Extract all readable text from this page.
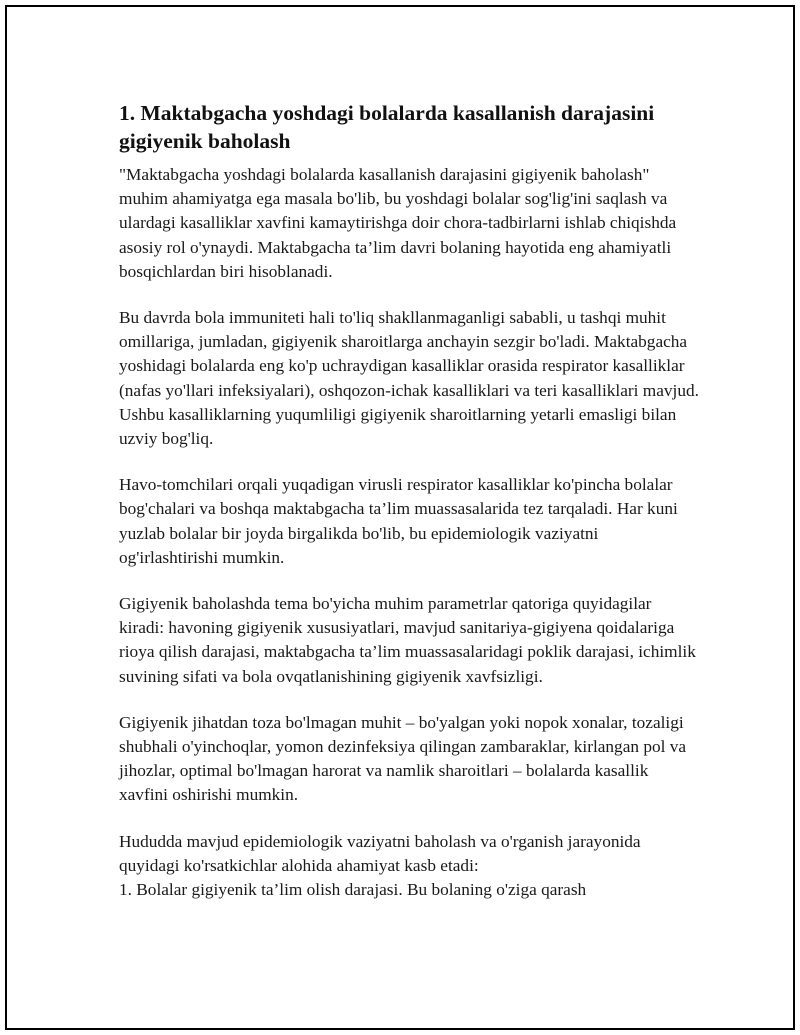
1. Maktabgacha yoshdagi bolalarda kasallanish darajasini gigiyenik baholash

"Maktabgacha yoshdagi bolalarda kasallanish darajasini gigiyenik baholash" muhim ahamiyatga ega masala bo'lib, bu yoshdagi bolalar sog'lig'ini saqlash va ulardagi kasalliklar xavfini kamaytirishga doir chora-tadbirlarni ishlab chiqishda asosiy rol o'ynaydi. Maktabgacha ta’lim davri bolaning hayotida eng ahamiyatli bosqichlardan biri hisoblanadi.

Bu davrda bola immuniteti hali to'liq shakllanmaganligi sababli, u tashqi muhit omillariga, jumladan, gigiyenik sharoitlarga anchayin sezgir bo'ladi. Maktabgacha yoshidagi bolalarda eng ko'p uchraydigan kasalliklar orasida respirator kasalliklar (nafas yo'llari infeksiyalari), oshqozon-ichak kasalliklari va teri kasalliklari mavjud. Ushbu kasalliklarning yuqumliligi gigiyenik sharoitlarning yetarli emasligi bilan uzviy bog'liq.

Havo-tomchilari orqali yuqadigan virusli respirator kasalliklar ko'pincha bolalar bog'chalari va boshqa maktabgacha ta’lim muassasalarida tez tarqaladi. Har kuni yuzlab bolalar bir joyda birgalikda bo'lib, bu epidemiologik vaziyatni og'irlashtirishi mumkin.

Gigiyenik baholashda tema bo'yicha muhim parametrlar qatoriga quyidagilar kiradi: havoning gigiyenik xususiyatlari, mavjud sanitariya-gigiyena qoidalariga rioya qilish darajasi, maktabgacha ta’lim muassasalaridagi poklik darajasi, ichimlik suvining sifati va bola ovqatlanishining gigiyenik xavfsizligi.

Gigiyenik jihatdan toza bo'lmagan muhit – bo'yalgan yoki nopok xonalar, tozaligi shubhali o'yinchoqlar, yomon dezinfeksiya qilingan zambaraklar, kirlangan pol va jihozlar, optimal bo'lmagan harorat va namlik sharoitlari – bolalarda kasallik xavfini oshirishi mumkin.

Hududda mavjud epidemiologik vaziyatni baholash va o'rganish jarayonida quyidagi ko'rsatkichlar alohida ahamiyat kasb etadi:
1. Bolalar gigiyenik ta’lim olish darajasi. Bu bolaning o'ziga qarash
